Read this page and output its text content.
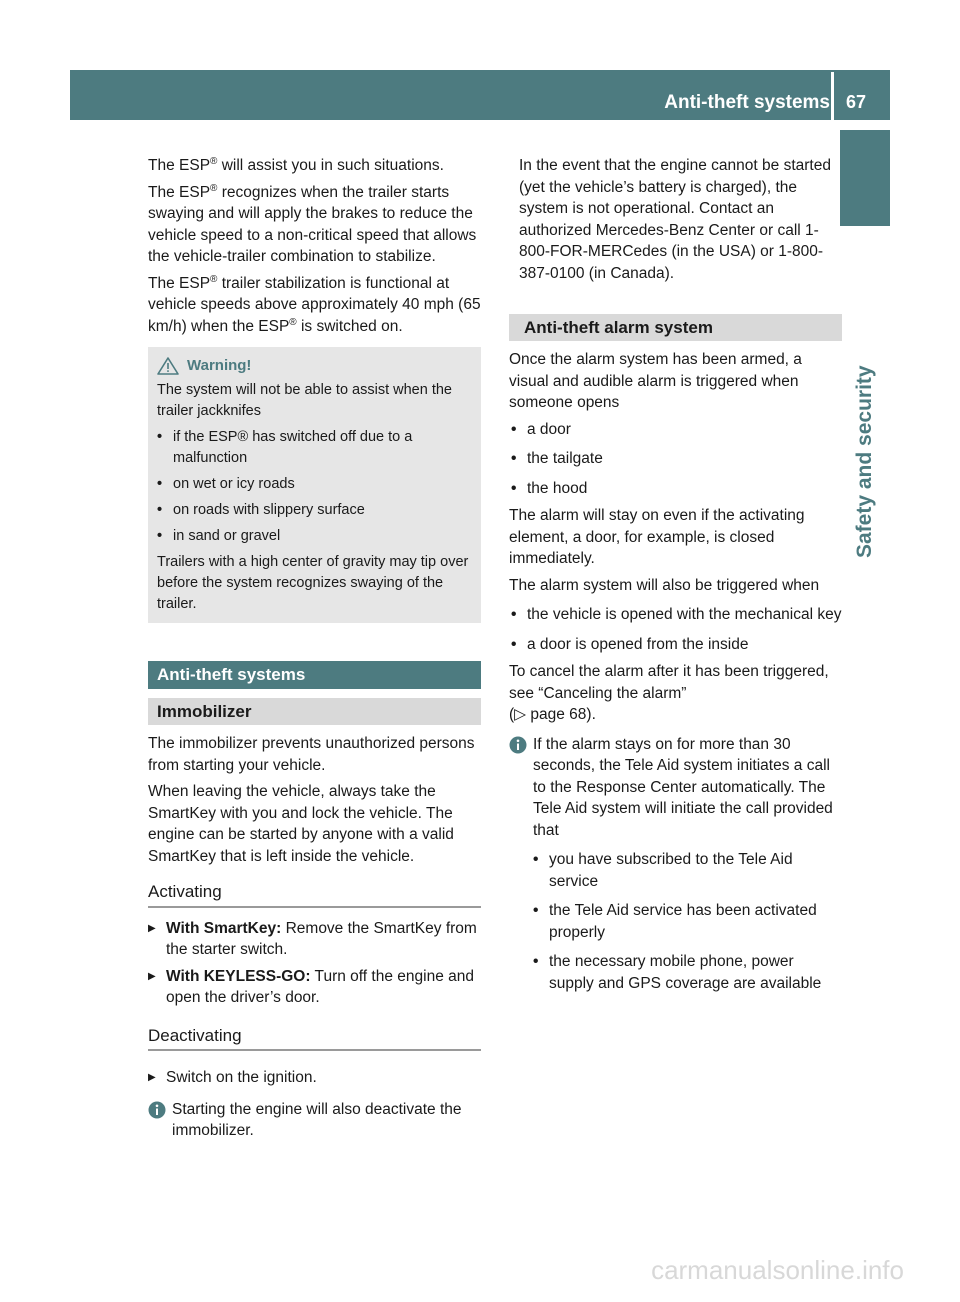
Anti-theft systems 67
Safety and security

The ESP® will assist you in such situations.

The ESP® recognizes when the trailer starts swaying and will apply the brakes to reduce the vehicle speed to a non-critical speed that allows the vehicle-trailer combination to stabilize.

The ESP® trailer stabilization is functional at vehicle speeds above approximately 40 mph (65 km/h) when the ESP® is switched on.

Warning!

The system will not be able to assist when the trailer jackknifes

• if the ESP® has switched off due to a malfunction
• on wet or icy roads
• on roads with slippery surface
• in sand or gravel

Trailers with a high center of gravity may tip over before the system recognizes swaying of the trailer.

Anti-theft systems
Immobilizer

The immobilizer prevents unauthorized persons from starting your vehicle.

When leaving the vehicle, always take the SmartKey with you and lock the vehicle. The engine can be started by anyone with a valid SmartKey that is left inside the vehicle.

Activating
▶ With SmartKey: Remove the SmartKey from the starter switch.
▶ With KEYLESS-GO: Turn off the engine and open the driver’s door.
Deactivating
▶ Switch on the ignition.
Starting the engine will also deactivate the immobilizer.

In the event that the engine cannot be started (yet the vehicle’s battery is charged), the system is not operational. Contact an authorized Mercedes-Benz Center or call 1-800-FOR-MERCedes (in the USA) or 1-800-387-0100 (in Canada).

Anti-theft alarm system

Once the alarm system has been armed, a visual and audible alarm is triggered when someone opens

• a door
• the tailgate
• the hood

The alarm will stay on even if the activating element, a door, for example, is closed immediately.

The alarm system will also be triggered when

• the vehicle is opened with the mechanical key
• a door is opened from the inside

To cancel the alarm after it has been triggered, see “Canceling the alarm”
(▷ page 68).

If the alarm stays on for more than 30 seconds, the Tele Aid system initiates a call to the Response Center automatically. The Tele Aid system will initiate the call provided that

• you have subscribed to the Tele Aid service
• the Tele Aid service has been activated properly
• the necessary mobile phone, power supply and GPS coverage are available
carmanualsonline.info
